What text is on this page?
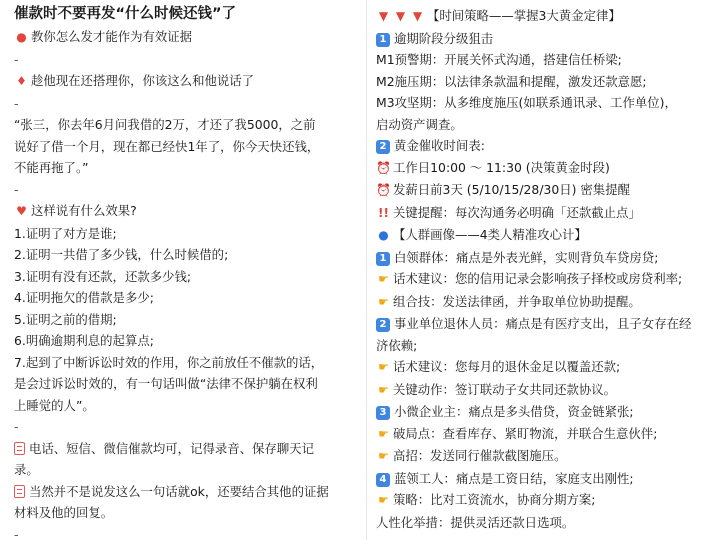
催款时不要再发“什么时候还钱”了
● 教你怎么发才能作为有效证据
-
♦ 趁他现在还搭理你，你该这么和他说话了
-
“张三，你去年6月问我借的2万，才还了我5000，之前
说好了借一个月，现在都已经快1年了，你今天快还钱，
不能再拖了。”
-
♥ 这样说有什么效果?
1.证明了对方是谁;
2.证明一共借了多少钱，什么时候借的;
3.证明有没有还款，还款多少钱;
4.证明拖欠的借款是多少;
5.证明之前的借期;
6.明确逾期利息的起算点;
7.起到了中断诉讼时效的作用，你之前放任不催款的话，
是会过诉讼时效的，有一句话叫做“法律不保护躺在权利
上睡觉的人”。
-
电话、短信、微信催款均可，记得录音、保存聊天记
录。
当然并不是说发这么一句话就ok，还要结合其他的证据
材料及他的回复。
-
▼ ▼ ▼ 【时间策略——掌握3大黄金定律】
1 逾期阶段分级狙击
M1预警期：开展关怀式沟通，搭建信任桥梁;
M2施压期：以法律条款温和提醒，激发还款意愿;
M3攻坚期：从多维度施压(如联系通讯录、工作单位)，
启动资产调查。
2 黄金催收时间表:
⏰ 工作日10:00 ～ 11:30 (决策黄金时段)
⏰ 发薪日前3天 (5/10/15/28/30日) 密集提醒
!! 关键提醒：每次沟通务必明确「还款截止点」
● 【人群画像——4类人精准攻心计】
1 白领群体：痛点是外表光鲜，实则背负车贷房贷;
☛ 话术建议：您的信用记录会影响孩子择校或房贷利率;
☛ 组合技：发送法律函，并争取单位协助提醒。
2 事业单位退休人员：痛点是有医疗支出，且子女存在经
济依赖;
☛ 话术建议：您每月的退休金足以覆盖还款;
☛ 关键动作：签订联动子女共同还款协议。
3 小微企业主：痛点是多头借贷，资金链紧张;
☛ 破局点：查看库存、紧盯物流，并联合生意伙伴;
☛ 高招：发送同行催款截图施压。
4 蓝领工人：痛点是工资日结，家庭支出刚性;
☛ 策略：比对工资流水，协商分期方案;
人性化举措：提供灵活还款日选项。
